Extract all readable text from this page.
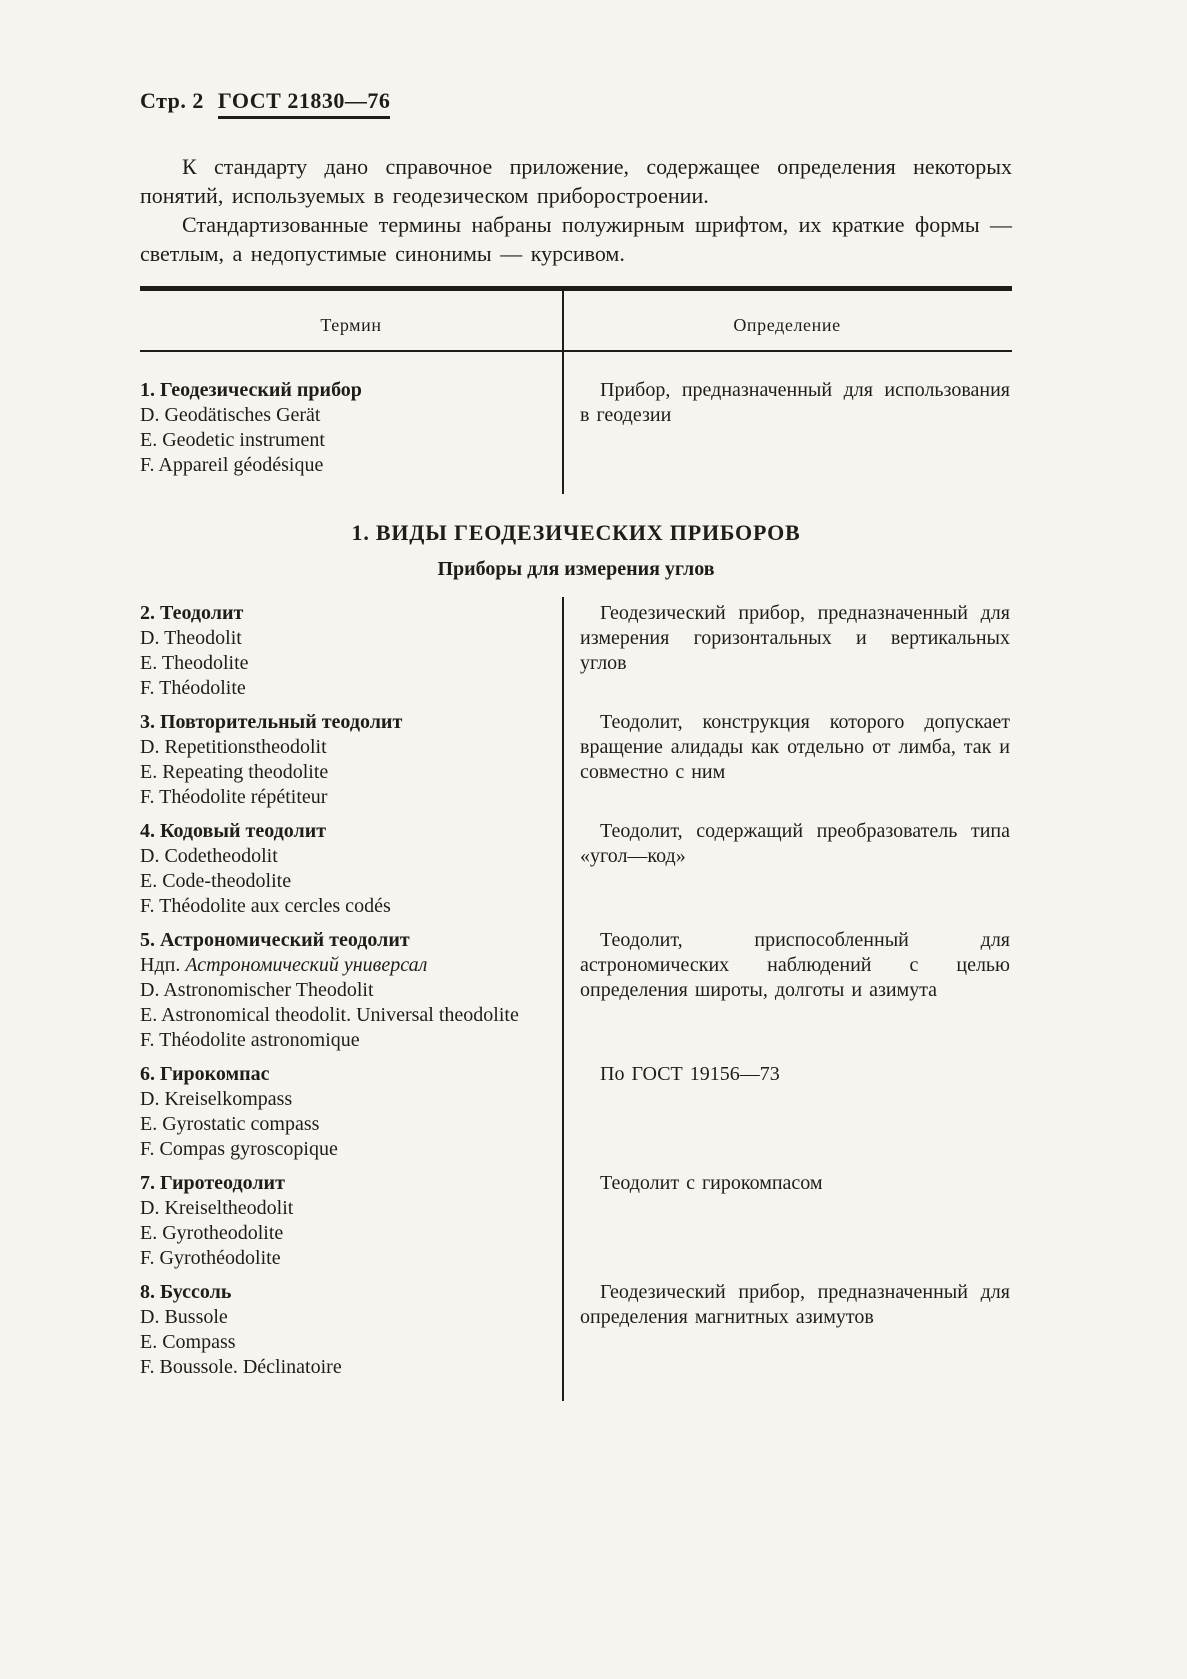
Стр. 2 ГОСТ 21830—76

К стандарту дано справочное приложение, содержащее определения некоторых понятий, используемых в геодезическом приборостроении.

Стандартизованные термины набраны полужирным шрифтом, их краткие формы — светлым, а недопустимые синонимы — курсивом.

Термин	Определение
1. Геодезический прибор
D. Geodätisches Gerät
E. Geodetic instrument
F. Appareil géodésique

Прибор, предназначенный для использования в геодезии

1. ВИДЫ ГЕОДЕЗИЧЕСКИХ ПРИБОРОВ
Приборы для измерения углов
2. Теодолит
D. Theodolit
E. Theodolite
F. Théodolite

Геодезический прибор, предназначенный для измерения горизонтальных и вертикальных углов

3. Повторительный теодолит
D. Repetitionstheodolit
E. Repeating theodolite
F. Théodolite répétiteur

Теодолит, конструкция которого допускает вращение алидады как отдельно от лимба, так и совместно с ним

4. Кодовый теодолит
D. Codetheodolit
E. Code-theodolite
F. Théodolite aux cercles codés

Теодолит, содержащий преобразователь типа «угол—код»

5. Астрономический теодолит
Ндп. Астрономический универсал
D. Astronomischer Theodolit
E. Astronomical theodolit. Universal theodolite
F. Théodolite astronomique

Теодолит, приспособленный для астрономических наблюдений с целью определения широты, долготы и азимута

6. Гирокомпас
D. Kreiselkompass
E. Gyrostatic compass
F. Compas gyroscopique

По ГОСТ 19156—73

7. Гиротеодолит
D. Kreiseltheodolit
E. Gyrotheodolite
F. Gyrothéodolite

Теодолит с гирокомпасом

8. Буссоль
D. Bussole
E. Compass
F. Boussole. Déclinatoire

Геодезический прибор, предназначенный для определения магнитных азимутов
